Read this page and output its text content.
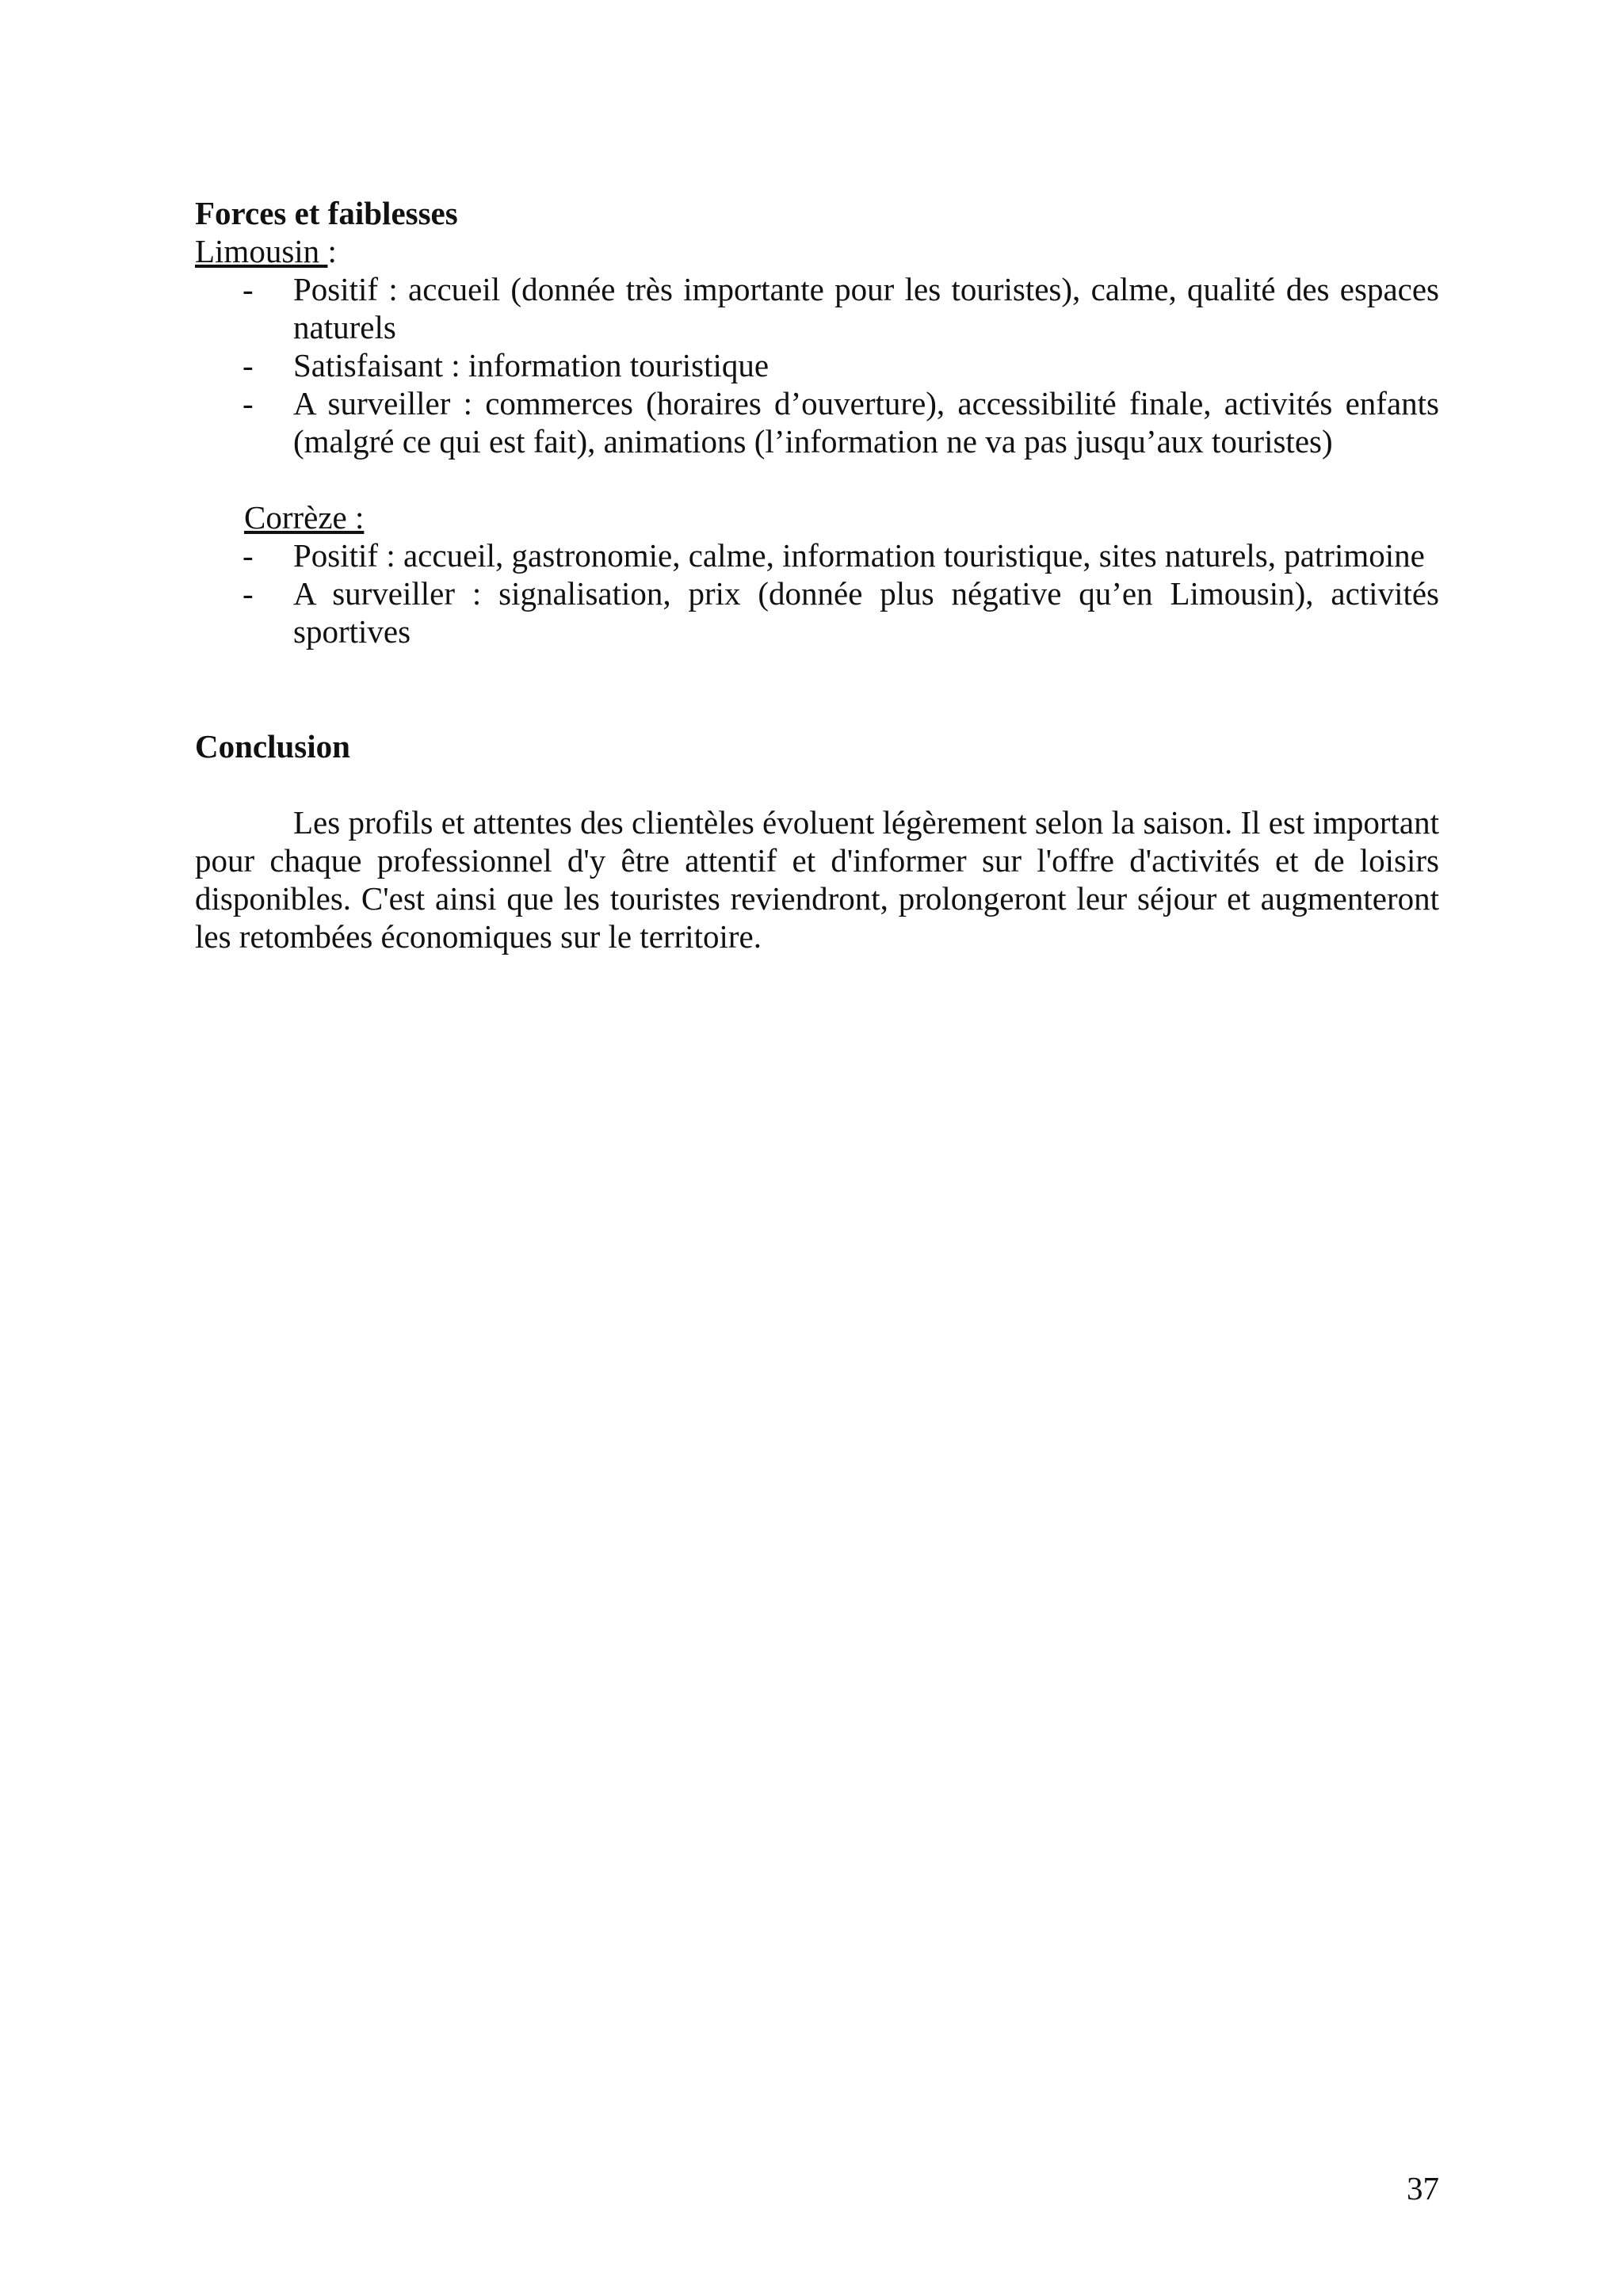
Forces et faiblesses

Limousin :

- Positif : accueil (donnée très importante pour les touristes), calme, qualité des espaces naturels
- Satisfaisant : information touristique
- A surveiller : commerces (horaires d’ouverture), accessibilité finale, activités enfants (malgré ce qui est fait), animations (l’information ne va pas jusqu’aux touristes)

Corrèze :

- Positif : accueil, gastronomie, calme, information touristique, sites naturels, patrimoine
- A surveiller : signalisation, prix (donnée plus négative qu’en Limousin), activités sportives

Conclusion

Les profils et attentes des clientèles évoluent légèrement selon la saison. Il est important pour chaque professionnel d'y être attentif et d'informer sur l'offre d'activités et de loisirs disponibles. C'est ainsi que les touristes reviendront, prolongeront leur séjour et augmenteront les retombées économiques sur le territoire.

37
